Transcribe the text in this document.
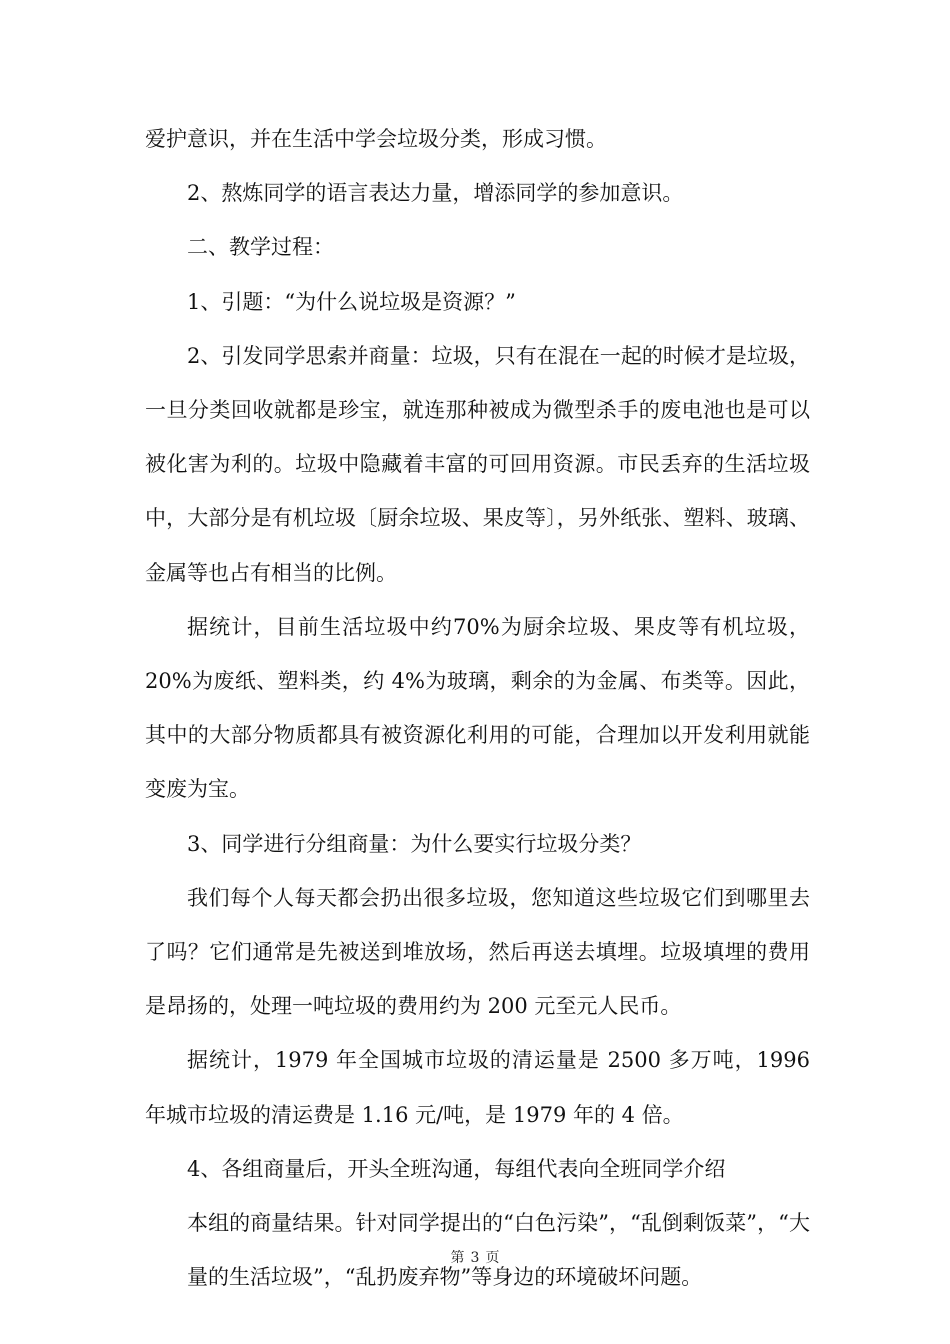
爱护意识，并在生活中学会垃圾分类，形成习惯。

2、熬炼同学的语言表达力量，增添同学的参加意识。

二、教学过程：

1、引题：“为什么说垃圾是资源？”

2、引发同学思索并商量：垃圾，只有在混在一起的时候才是垃圾，一旦分类回收就都是珍宝，就连那种被成为微型杀手的废电池也是可以被化害为利的。垃圾中隐藏着丰富的可回用资源。市民丢弃的生活垃圾中，大部分是有机垃圾〔厨余垃圾、果皮等〕，另外纸张、塑料、玻璃、金属等也占有相当的比例。

据统计，目前生活垃圾中约70%为厨余垃圾、果皮等有机垃圾，20%为废纸、塑料类，约 4%为玻璃，剩余的为金属、布类等。因此，其中的大部分物质都具有被资源化利用的可能，合理加以开发利用就能变废为宝。

3、同学进行分组商量：为什么要实行垃圾分类？

我们每个人每天都会扔出很多垃圾，您知道这些垃圾它们到哪里去了吗？它们通常是先被送到堆放场，然后再送去填埋。垃圾填埋的费用是昂扬的，处理一吨垃圾的费用约为 200 元至元人民币。

据统计，1979 年全国城市垃圾的清运量是 2500 多万吨，1996 年城市垃圾的清运费是 1.16 元/吨，是 1979 年的 4 倍。

4、各组商量后，开头全班沟通，每组代表向全班同学介绍

本组的商量结果。针对同学提出的“白色污染”，“乱倒剩饭菜”，“大量的生活垃圾”，“乱扔废弃物”等身边的环境破坏问题。

第 3 页
